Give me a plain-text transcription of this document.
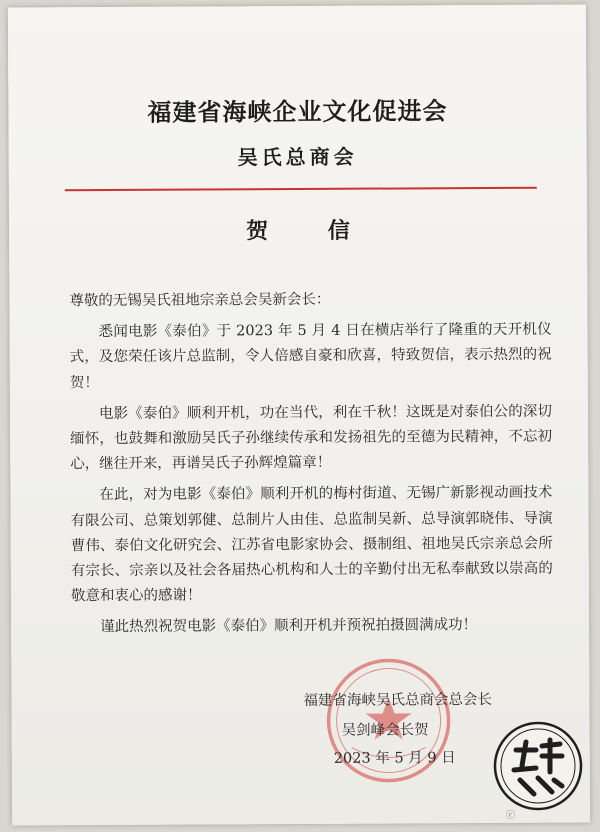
福建省海峡企业文化促进会
吴氏总商会
贺 信

尊敬的无锡吴氏祖地宗亲总会吴新会长：

悉闻电影《泰伯》于 2023 年 5 月 4 日在横店举行了隆重的天开机仪式，及您荣任该片总监制，令人倍感自豪和欣喜，特致贺信，表示热烈的祝贺！

电影《泰伯》顺利开机，功在当代，利在千秋！这既是对泰伯公的深切缅怀，也鼓舞和激励吴氏子孙继续传承和发扬祖先的至德为民精神，不忘初心，继往开来，再谱吴氏子孙辉煌篇章！

在此，对为电影《泰伯》顺利开机的梅村街道、无锡广新影视动画技术有限公司、总策划郭健、总制片人由佳、总监制吴新、总导演郭晓伟、导演曹伟、泰伯文化研究会、江苏省电影家协会、摄制组、祖地吴氏宗亲总会所有宗长、宗亲以及社会各届热心机构和人士的辛勤付出无私奉献致以崇高的敬意和衷心的感谢！

谨此热烈祝贺电影《泰伯》顺利开机并预祝拍摄圆满成功！

福建省海峡吴氏总商会总会长
吴剑峰会长贺
2023 年 5 月 9 日
ⓒ
